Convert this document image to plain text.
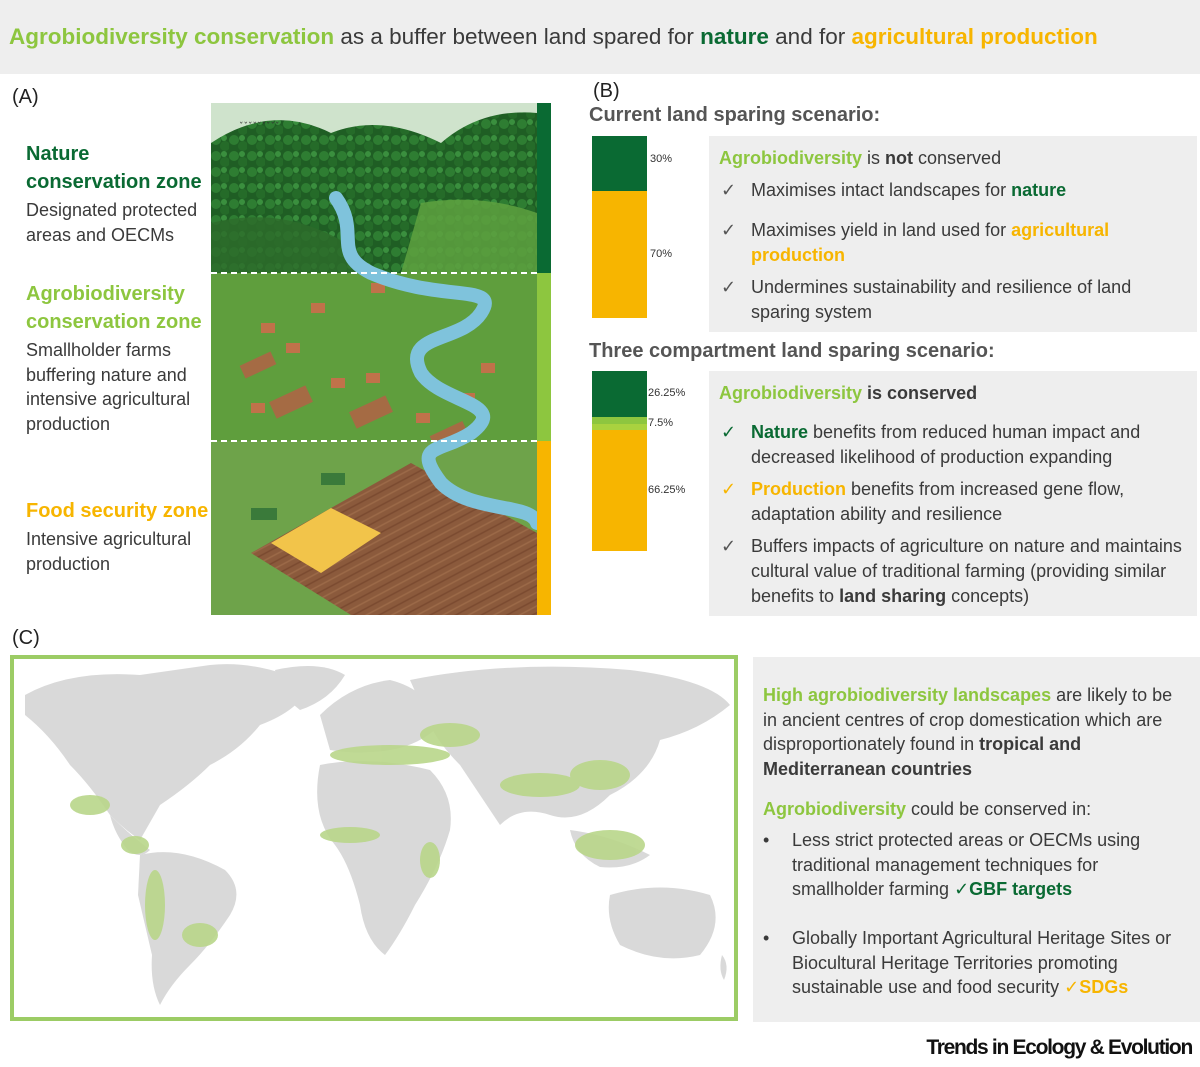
Agrobiodiversity conservation as a buffer between land spared for nature and for agricultural production
(A)
Nature conservation zone
Designated protected areas and OECMs
Agrobiodiversity conservation zone
Smallholder farms buffering nature and intensive agricultural production
Food security zone
Intensive agricultural production
ˇˇˇˇˇˇˇˇˇ
(B)
Current land sparing scenario:
30%
70%
Agrobiodiversity is not conserved
✓ Maximises intact landscapes for nature
✓ Maximises yield in land used for agricultural production
✓ Undermines sustainability and resilience of land sparing system
Three compartment land sparing scenario:
26.25%
7.5%
66.25%
Agrobiodiversity is conserved
✓ Nature benefits from reduced human impact and decreased likelihood of production expanding
✓ Production benefits from increased gene flow, adaptation ability and resilience
✓ Buffers impacts of agriculture on nature and maintains cultural value of traditional farming (providing similar benefits to land sharing concepts)
(C)
High agrobiodiversity landscapes are likely to be in ancient centres of crop domestication which are disproportionately found in tropical and Mediterranean countries
Agrobiodiversity could be conserved in:
•	Less strict protected areas or OECMs using traditional management techniques for smallholder farming ✓GBF targets
•	Globally Important Agricultural Heritage Sites or Biocultural Heritage Territories promoting sustainable use and food security ✓SDGs
Trends in Ecology & Evolution
